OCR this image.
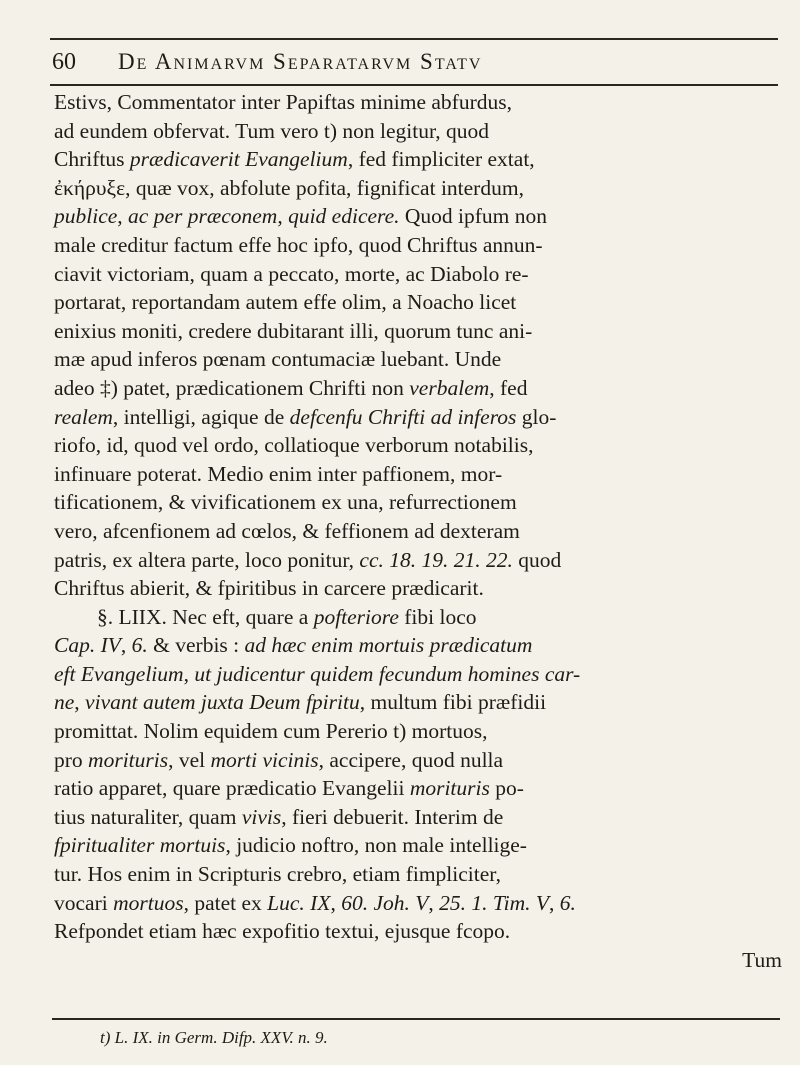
60	De Animarvm Separatarvm Statv
Estivs, Commentator inter Papiftas minime abfurdus,
ad eundem obfervat. Tum vero t) non legitur, quod
Chriftus prædicaverit Evangelium , fed fimpliciter extat,
ἐκήρυξε, quæ vox, abfolute pofita, fignificat interdum,
publice , ac per præconem , quid edicere. Quod ipfum non
male creditur factum effe hoc ipfo, quod Chriftus annun-
ciavit victoriam, quam a peccato, morte, ac Diabolo re-
portarat, reportandam autem effe olim, a Noacho licet
enixius moniti, credere dubitarant illi, quorum tunc ani-
mæ apud inferos pœnam contumaciæ luebant. Unde
adeo ‡) patet, prædicationem Chrifti non verbalem , fed
realem , intelligi, agique de defcenfu Chrifti ad inferos glo-
riofo, id, quod vel ordo, collatioque verborum notabilis,
infinuare poterat. Medio enim inter paffionem, mor-
tificationem, & vivificationem ex una, refurrectionem
vero, afcenfionem ad cœlos, & feffionem ad dexteram
patris, ex altera parte, loco ponitur, cc. 18. 19. 21. 22. quod
Chriftus abierit, & fpiritibus in carcere prædicarit.
§. LIIX. Nec eft, quare a pofteriore fibi loco
Cap. IV , 6. & verbis : ad hæc enim mortuis prædicatum
eft Evangelium , ut judicentur quidem fecundum homines car-
ne , vivant autem juxta Deum fpiritu , multum fibi præfidii
promittat. Nolim equidem cum Pererio t) mortuos,
pro morituris , vel morti vicinis , accipere, quod nulla
ratio apparet, quare prædicatio Evangelii morituris po-
tius naturaliter, quam vivis , fieri debuerit. Interim de
fpiritualiter mortuis , judicio noftro, non male intellige-
tur. Hos enim in Scripturis crebro, etiam fimpliciter,
vocari mortuos , patet ex Luc. IX , 60. Joh. V , 25. 1. Tim. V , 6.
Refpondet etiam hæc expofitio textui, ejusque fcopo.
Tum
t) L. IX. in Germ. Difp. XXV. n. 9.
